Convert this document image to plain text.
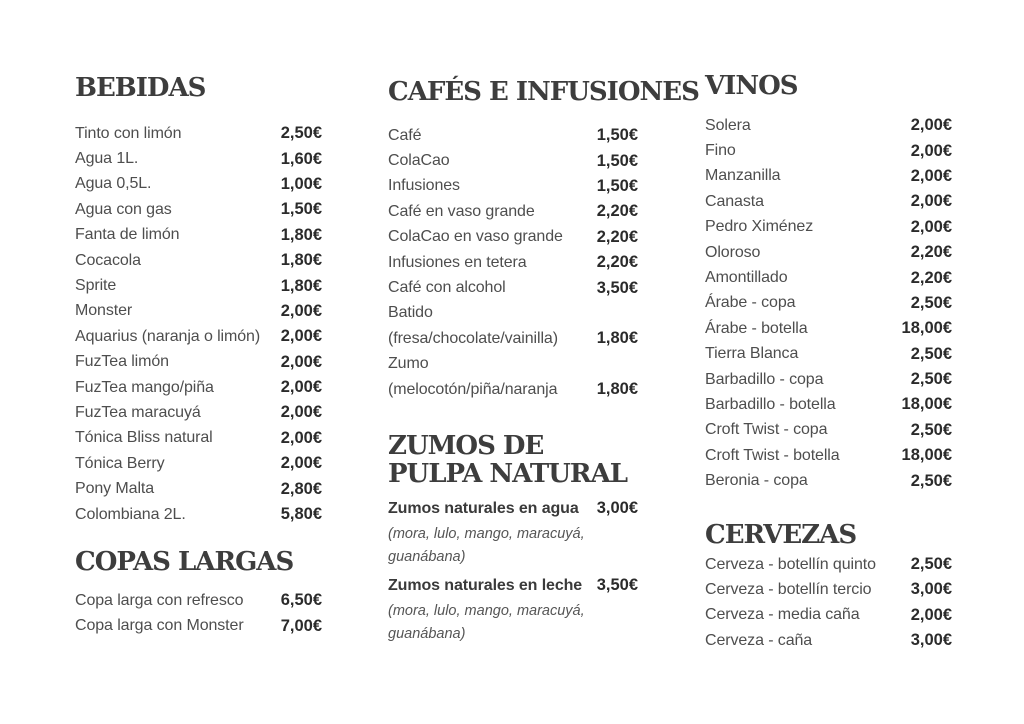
BEBIDAS
Tinto con limón	2,50€
Agua 1L.	1,60€
Agua 0,5L.	1,00€
Agua con gas	1,50€
Fanta de limón	1,80€
Cocacola	1,80€
Sprite	1,80€
Monster	2,00€
Aquarius (naranja o limón)	2,00€
FuzTea limón	2,00€
FuzTea mango/piña	2,00€
FuzTea maracuyá	2,00€
Tónica Bliss natural	2,00€
Tónica Berry	2,00€
Pony Malta	2,80€
Colombiana 2L.	5,80€
COPAS LARGAS
Copa larga con refresco	6,50€
Copa larga con Monster	7,00€
CAFÉS E INFUSIONES
Café	1,50€
ColaCao	1,50€
Infusiones	1,50€
Café en vaso grande	2,20€
ColaCao en vaso grande	2,20€
Infusiones en tetera	2,20€
Café con alcohol	3,50€
Batido
(fresa/chocolate/vainilla)	1,80€
Zumo
(melocotón/piña/naranja	1,80€
ZUMOS DE PULPA NATURAL
Zumos naturales en agua	3,00€
(mora, lulo, mango, maracuyá, guanábana)
Zumos naturales en leche 3,50€
(mora, lulo, mango, maracuyá, guanábana)
VINOS
Solera	2,00€
Fino	2,00€
Manzanilla	2,00€
Canasta	2,00€
Pedro Ximénez	2,00€
Oloroso	2,20€
Amontillado	2,20€
Árabe - copa	2,50€
Árabe - botella	18,00€
Tierra Blanca	2,50€
Barbadillo - copa	2,50€
Barbadillo - botella	18,00€
Croft Twist - copa	2,50€
Croft Twist - botella	18,00€
Beronia - copa	2,50€
CERVEZAS
Cerveza - botellín quinto	2,50€
Cerveza - botellín tercio	3,00€
Cerveza - media caña	2,00€
Cerveza - caña	3,00€
